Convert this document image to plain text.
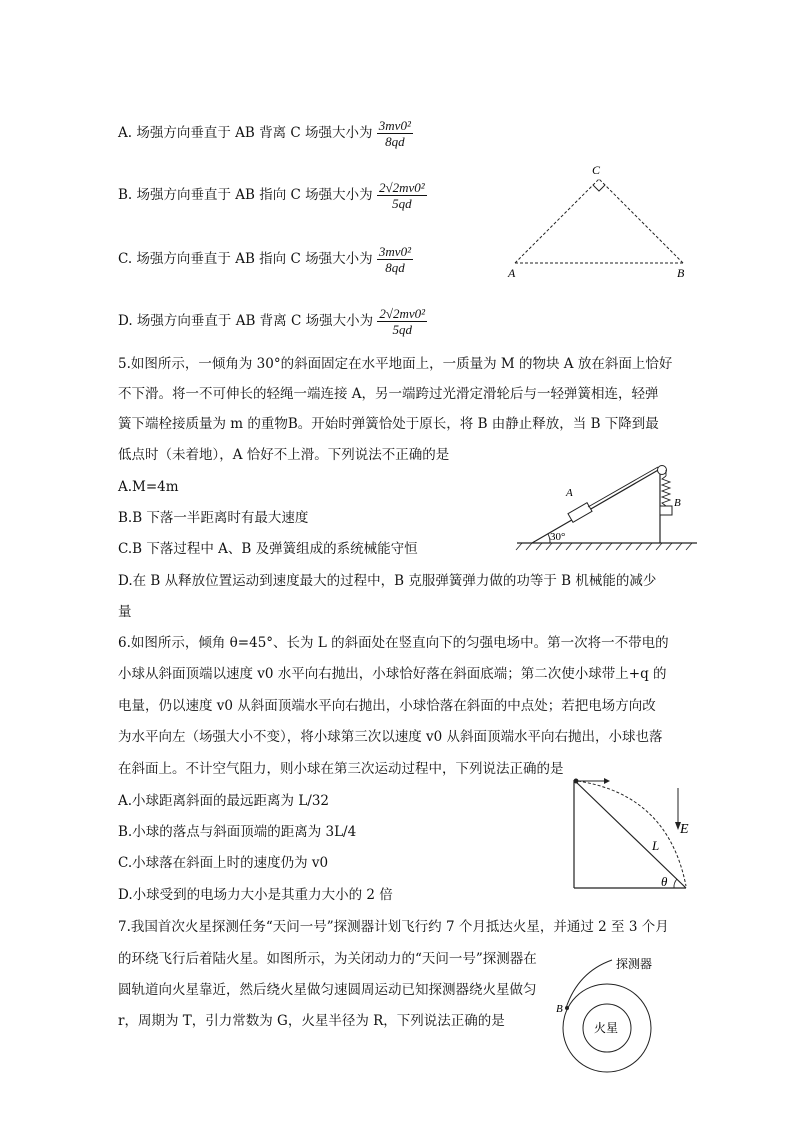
A. 场强方向垂直于 AB 背离 C 场强大小为 $\frac{\text{3mv0²}}{8qd}$
B. 场强方向垂直于 AB 指向 C 场强大小为 $\frac{\text{2√2mv0²}}{5qd}$
C. 场强方向垂直于 AB 指向 C 场强大小为 $\frac{\text{3mv0²}}{8qd}$
D. 场强方向垂直于 AB 背离 C 场强大小为 $\frac{\text{2√2mv0²}}{5qd}$
A	B
C
5.如图所示，一倾角为 30°的斜面固定在水平地面上，一质量为 M 的物块 A 放在斜面上恰好
不下滑。将一不可伸长的轻绳一端连接 A，另一端跨过光滑定滑轮后与一轻弹簧相连，轻弹
簧下端栓接质量为 m 的重物B。开始时弹簧恰处于原长，将 B 由静止释放，当 B 下降到最
低点时（未着地），A 恰好不上滑。下列说法不正确的是
A.M=4m
B.B 下落一半距离时有最大速度
C.B 下落过程中 A、B 及弹簧组成的系统械能守恒
D.在 B 从释放位置运动到速度最大的过程中，B 克服弹簧弹力做的功等于 B 机械能的减少
量
30°
A
B
6.如图所示，倾角 θ=45°、长为 L 的斜面处在竖直向下的匀强电场中。第一次将一不带电的
小球从斜面顶端以速度 v0 水平向右抛出，小球恰好落在斜面底端；第二次使小球带上+q 的
电量，仍以速度 v0 从斜面顶端水平向右抛出，小球恰落在斜面的中点处；若把电场方向改
为水平向左（场强大小不变），将小球第三次以速度 v0 从斜面顶端水平向右抛出，小球也落
在斜面上。不计空气阻力，则小球在第三次运动过程中，下列说法正确的是
A.小球距离斜面的最远距离为 L/32
B.小球的落点与斜面顶端的距离为 3L/4
C.小球落在斜面上时的速度仍为 v0
D.小球受到的电场力大小是其重力大小的 2 倍
E
L
θ
7.我国首次火星探测任务“天问一号”探测器计划飞行约 7 个月抵达火星，并通过 2 至 3 个月
的环绕飞行后着陆火星。如图所示，为关闭动力的“天问一号”探测器在
圆轨道向火星靠近，然后绕火星做匀速圆周运动已知探测器绕火星做匀
r，周期为 T，引力常数为 G，火星半径为 R，下列说法正确的是	火星
B
探测器
